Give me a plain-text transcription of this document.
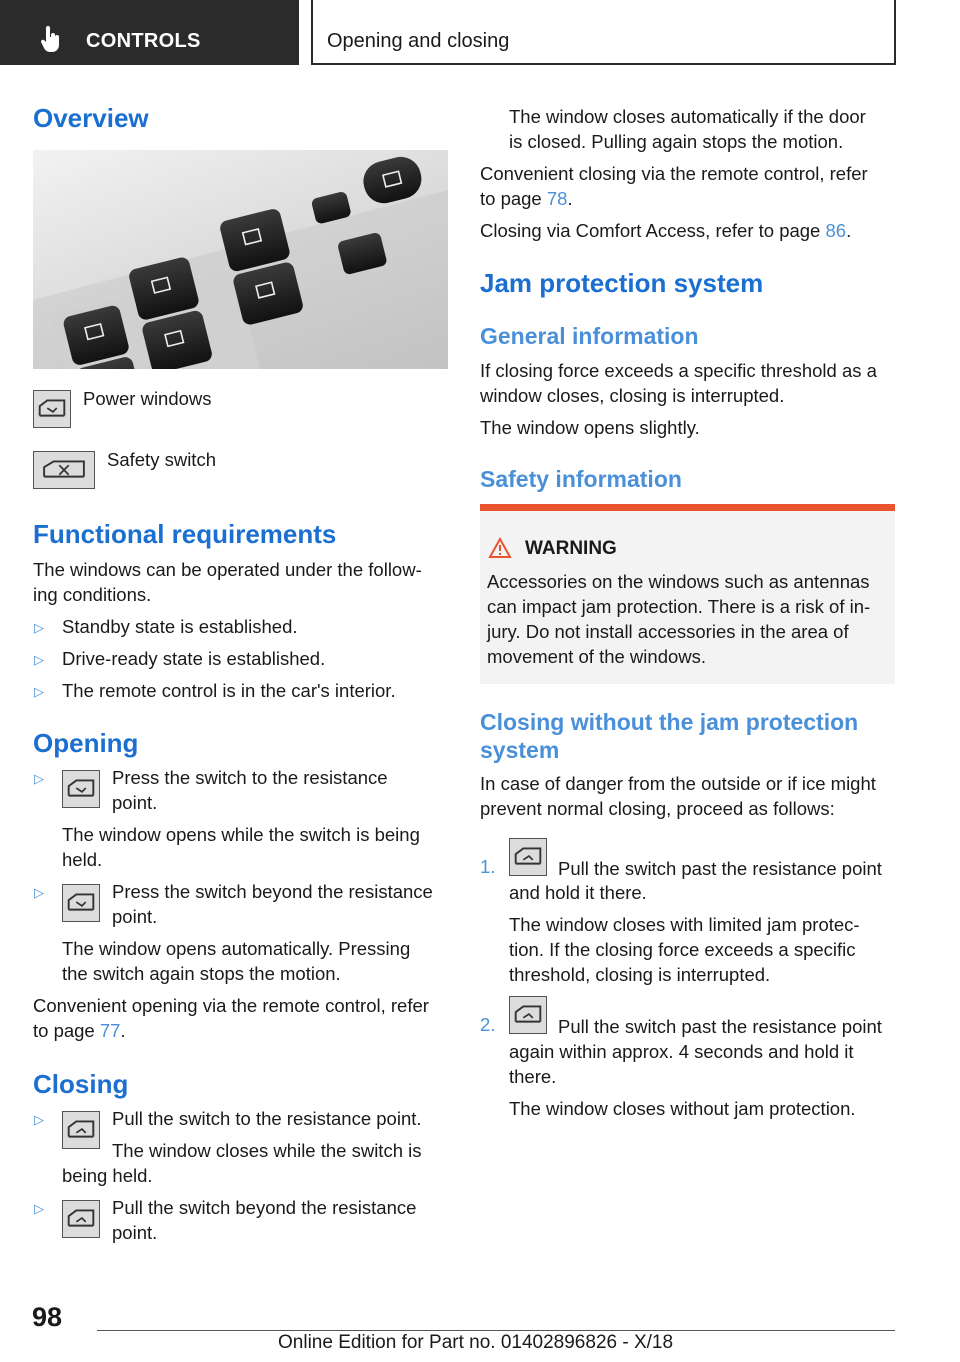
CONTROLS	Opening and closing
Overview
Power windows
Safety switch
Functional requirements
The windows can be operated under the follow‐
ing conditions.
▷ Standby state is established.
▷ Drive-ready state is established.
▷ The remote control is in the car's interior.
Opening
▷	Press the switch to the resistance
point.
The window opens while the switch is being
held.
▷	Press the switch beyond the resistance
point.
The window opens automatically. Pressing
the switch again stops the motion.
Convenient opening via the remote control, refer
to page 77.
Closing
▷	Pull the switch to the resistance point.
The window closes while the switch is
being held.
▷	Pull the switch beyond the resistance
point.
The window closes automatically if the door
is closed. Pulling again stops the motion.
Convenient closing via the remote control, refer
to page 78.
Closing via Comfort Access, refer to page 86.
Jam protection system
General information
If closing force exceeds a specific threshold as a
window closes, closing is interrupted.
The window opens slightly.
Safety information
WARNING
Accessories on the windows such as antennas
can impact jam protection. There is a risk of in‐
jury. Do not install accessories in the area of
movement of the windows.
Closing without the jam protection
system
In case of danger from the outside or if ice might
prevent normal closing, proceed as follows:
1.	Pull the switch past the resistance point
and hold it there.
The window closes with limited jam protec‐
tion. If the closing force exceeds a specific
threshold, closing is interrupted.
2.	Pull the switch past the resistance point
again within approx. 4 seconds and hold it
there.
The window closes without jam protection.
98
Online Edition for Part no. 01402896826 - X/18
